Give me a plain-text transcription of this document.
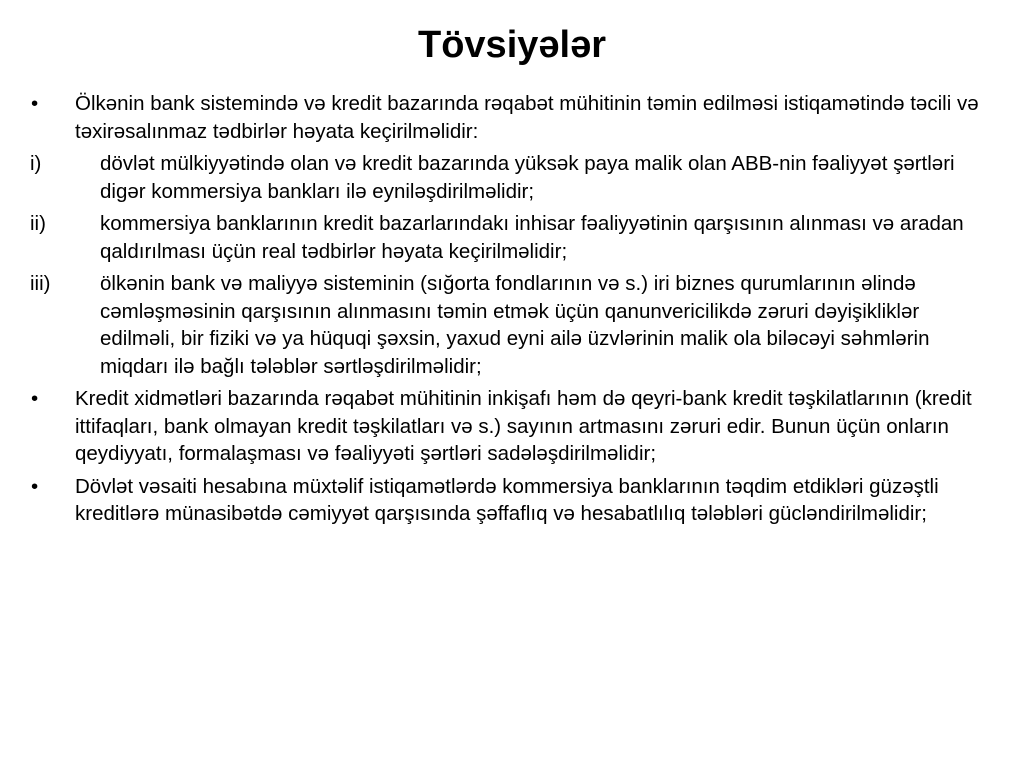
Tövsiyələr
• Ölkənin bank sistemində və kredit bazarında rəqabət mühitinin təmin edilməsi istiqamətində təcili və təxirəsalınmaz tədbirlər həyata keçirilməlidir:
i)	dövlət mülkiyyətində olan və kredit bazarında yüksək paya malik olan ABB-nin fəaliyyət şərtləri digər kommersiya bankları ilə eyniləşdirilməlidir;
ii)	kommersiya banklarının kredit bazarlarındakı inhisar fəaliyyətinin qarşısının alınması və aradan qaldırılması üçün real tədbirlər həyata keçirilməlidir;
iii) ölkənin bank və maliyyə sisteminin (sığorta fondlarının və s.) iri biznes qurumlarının əlində cəmləşməsinin qarşısının alınmasını təmin etmək üçün qanunvericilikdə zəruri dəyişikliklər edilməli, bir fiziki və ya hüquqi şəxsin, yaxud eyni ailə üzvlərinin malik ola biləcəyi səhmlərin miqdarı ilə bağlı tələblər sərtləşdirilməlidir;
• Kredit xidmətləri bazarında rəqabət mühitinin inkişafı həm də qeyri-bank kredit təşkilatlarının (kredit ittifaqları, bank olmayan kredit təşkilatları və s.) sayının artmasını zəruri edir. Bunun üçün onların qeydiyyatı, formalaşması və fəaliyyəti şərtləri sadələşdirilməlidir;
• Dövlət vəsaiti hesabına müxtəlif istiqamətlərdə kommersiya banklarının təqdim etdikləri güzəştli kreditlərə münasibətdə cəmiyyət qarşısında şəffaflıq və hesabatlılıq tələbləri gücləndirilməlidir;
